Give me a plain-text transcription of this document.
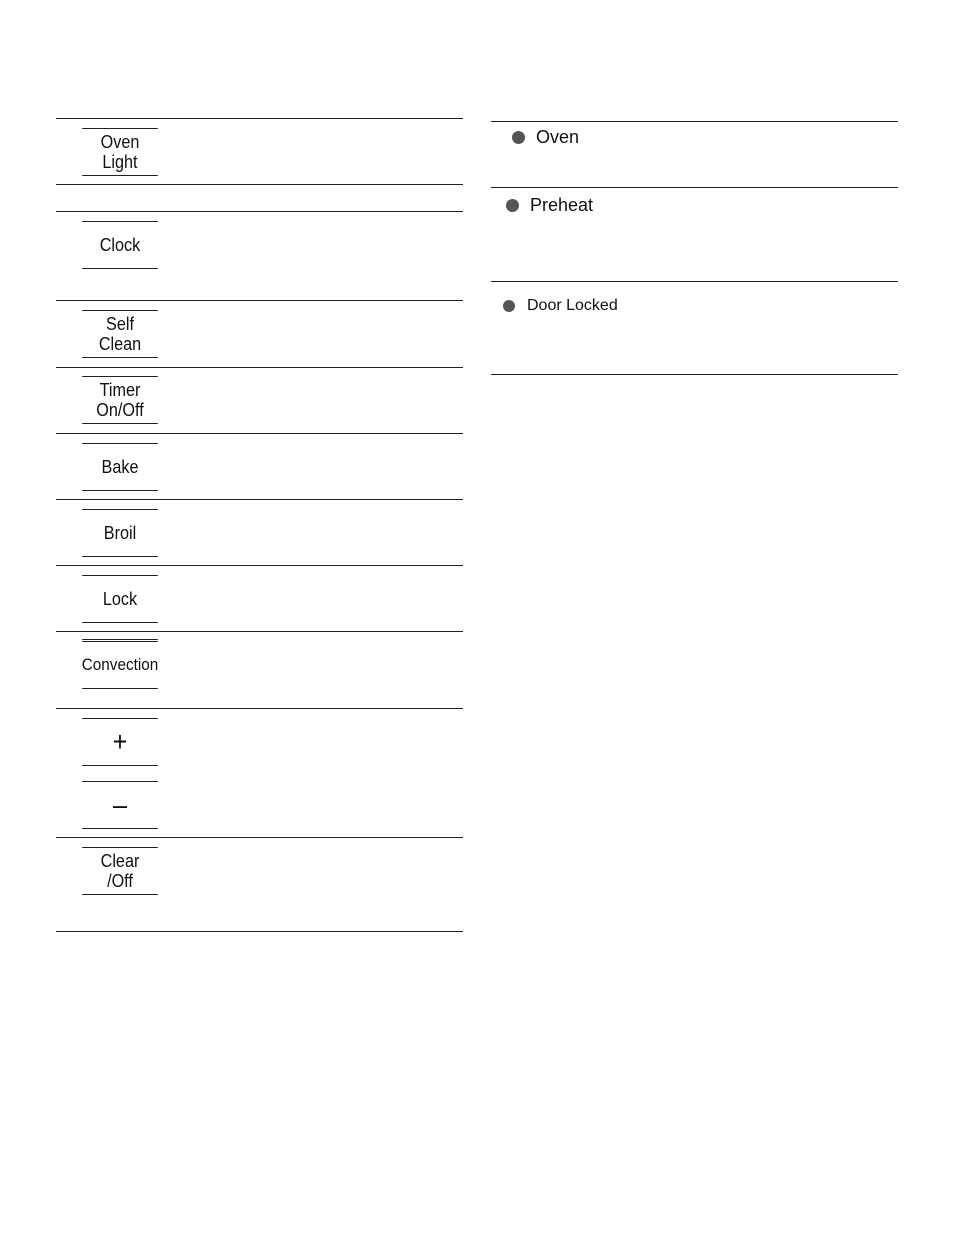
Oven
Light
Clock
Self
Clean
Timer
On/Off
Bake
Broil
Lock
Convection
+
–
Clear
/Off
Oven
Preheat
Door Locked
